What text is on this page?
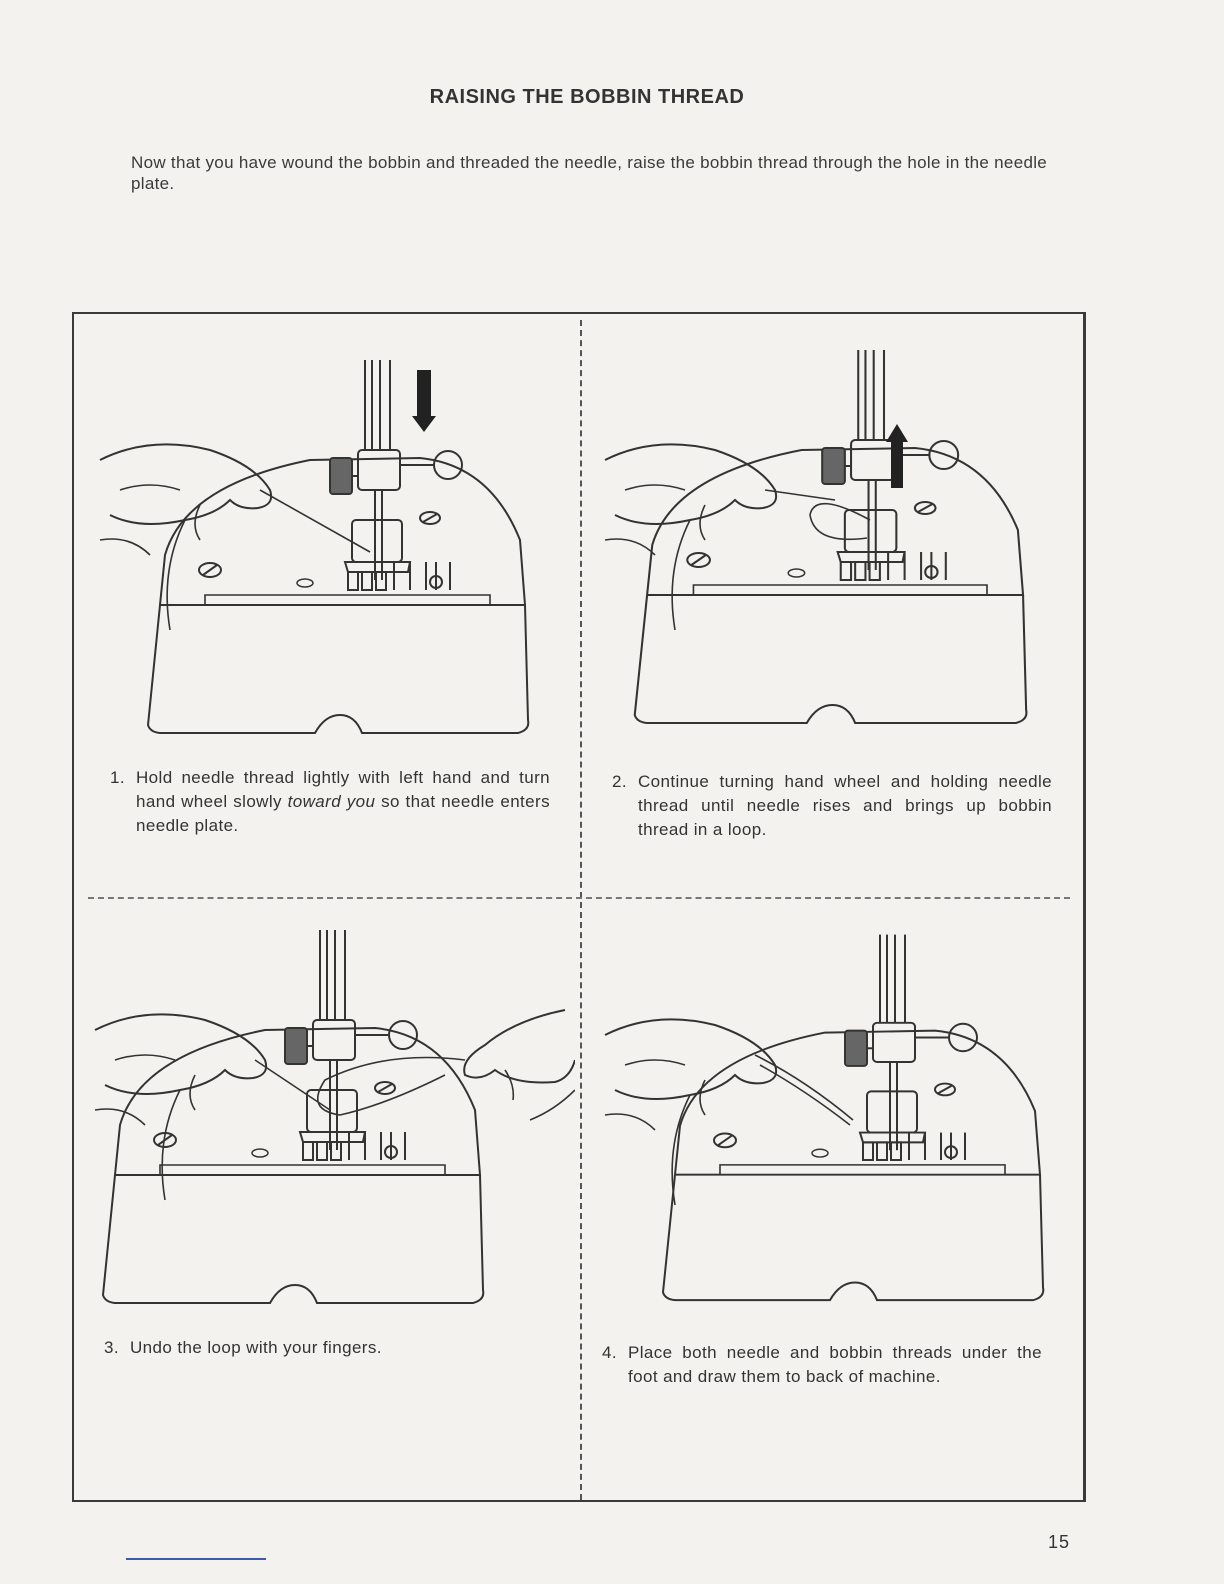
RAISING THE BOBBIN THREAD
Now that you have wound the bobbin and threaded the needle, raise the bobbin thread through the hole in the needle plate.
1. Hold needle thread lightly with left hand and turn hand wheel slowly toward you so that needle enters needle plate.
2. Continue turning hand wheel and holding needle thread until needle rises and brings up bobbin thread in a loop.
3. Undo the loop with your fingers.	4. Place both needle and bobbin threads under the foot and draw them to back of machine.
15
